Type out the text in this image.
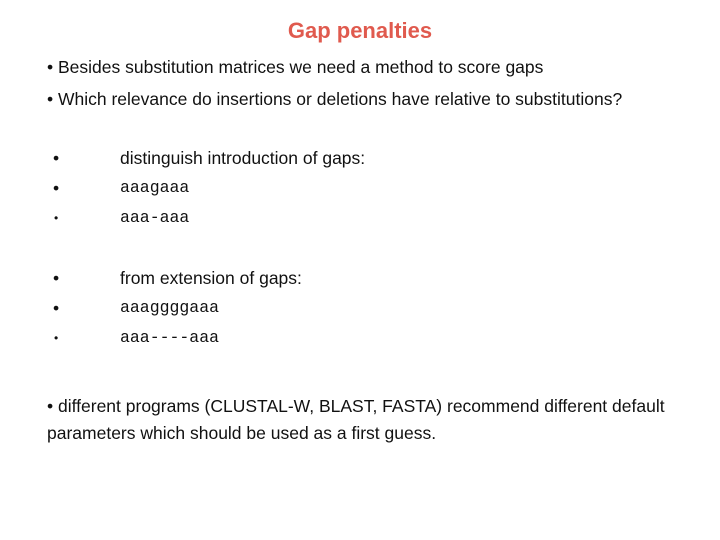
Gap penalties
• Besides substitution matrices we need a method to score gaps
• Which relevance do insertions or deletions have relative to substitutions?
•	distinguish introduction of gaps:
•	aaagaaa
•	aaa-aaa
•	from extension of gaps:
•	aaaggggaaa
•	aaa----aaa
• different programs (CLUSTAL-W, BLAST, FASTA) recommend different default parameters which should be used as a first guess.
